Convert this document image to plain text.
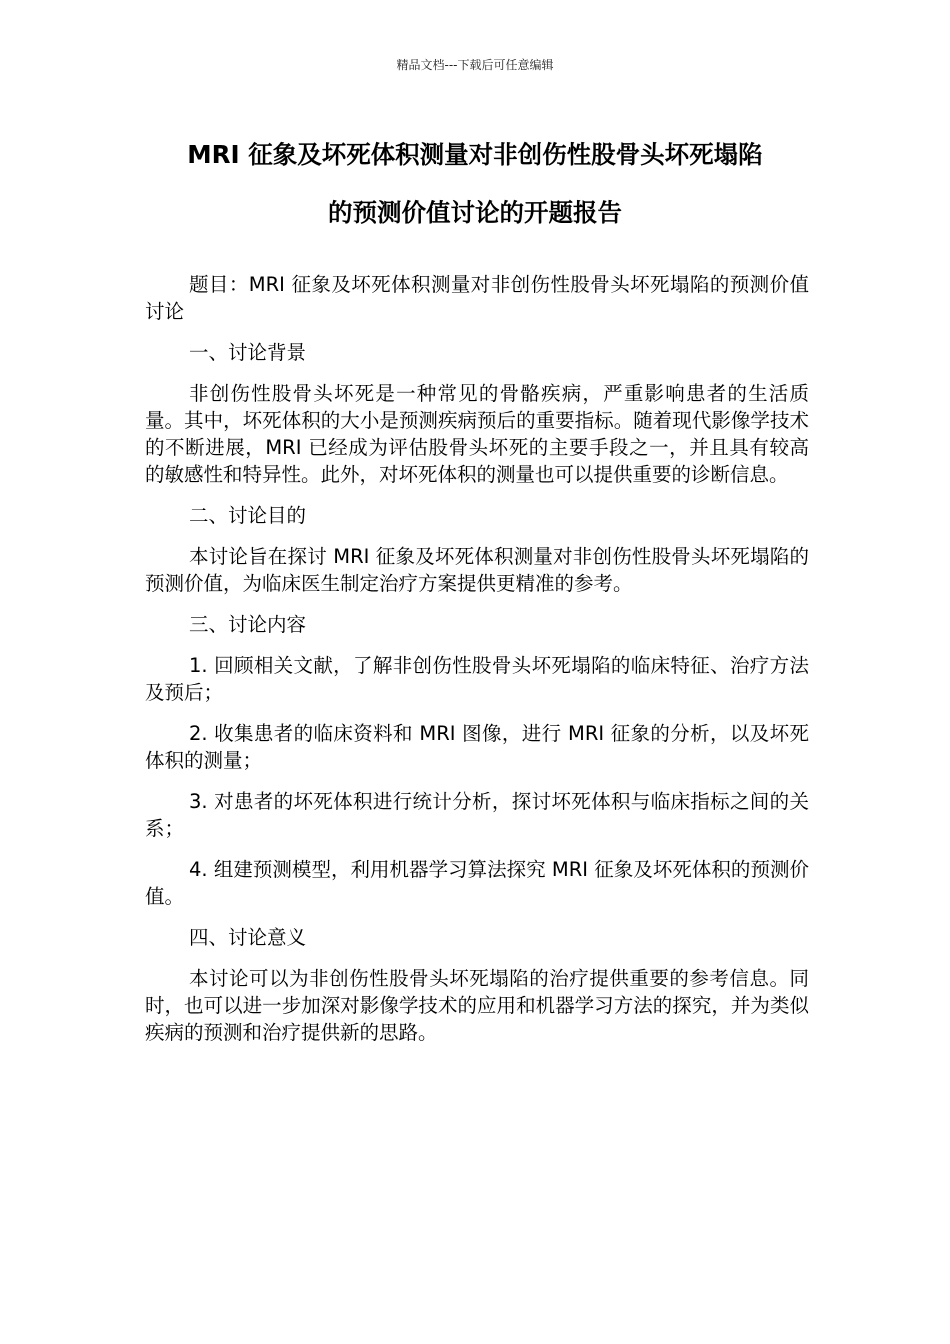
精品文档---下载后可任意编辑
MRI 征象及坏死体积测量对非创伤性股骨头坏死塌陷
的预测价值讨论的开题报告

题目：MRI 征象及坏死体积测量对非创伤性股骨头坏死塌陷的预测价值讨论

一、讨论背景

非创伤性股骨头坏死是一种常见的骨骼疾病，严重影响患者的生活质量。其中，坏死体积的大小是预测疾病预后的重要指标。随着现代影像学技术的不断进展，MRI 已经成为评估股骨头坏死的主要手段之一，并且具有较高的敏感性和特异性。此外，对坏死体积的测量也可以提供重要的诊断信息。

二、讨论目的

本讨论旨在探讨 MRI 征象及坏死体积测量对非创伤性股骨头坏死塌陷的预测价值，为临床医生制定治疗方案提供更精准的参考。

三、讨论内容

1. 回顾相关文献，了解非创伤性股骨头坏死塌陷的临床特征、治疗方法及预后；

2. 收集患者的临床资料和 MRI 图像，进行 MRI 征象的分析，以及坏死体积的测量；

3. 对患者的坏死体积进行统计分析，探讨坏死体积与临床指标之间的关系；

4. 组建预测模型，利用机器学习算法探究 MRI 征象及坏死体积的预测价值。

四、讨论意义

本讨论可以为非创伤性股骨头坏死塌陷的治疗提供重要的参考信息。同时，也可以进一步加深对影像学技术的应用和机器学习方法的探究，并为类似疾病的预测和治疗提供新的思路。
